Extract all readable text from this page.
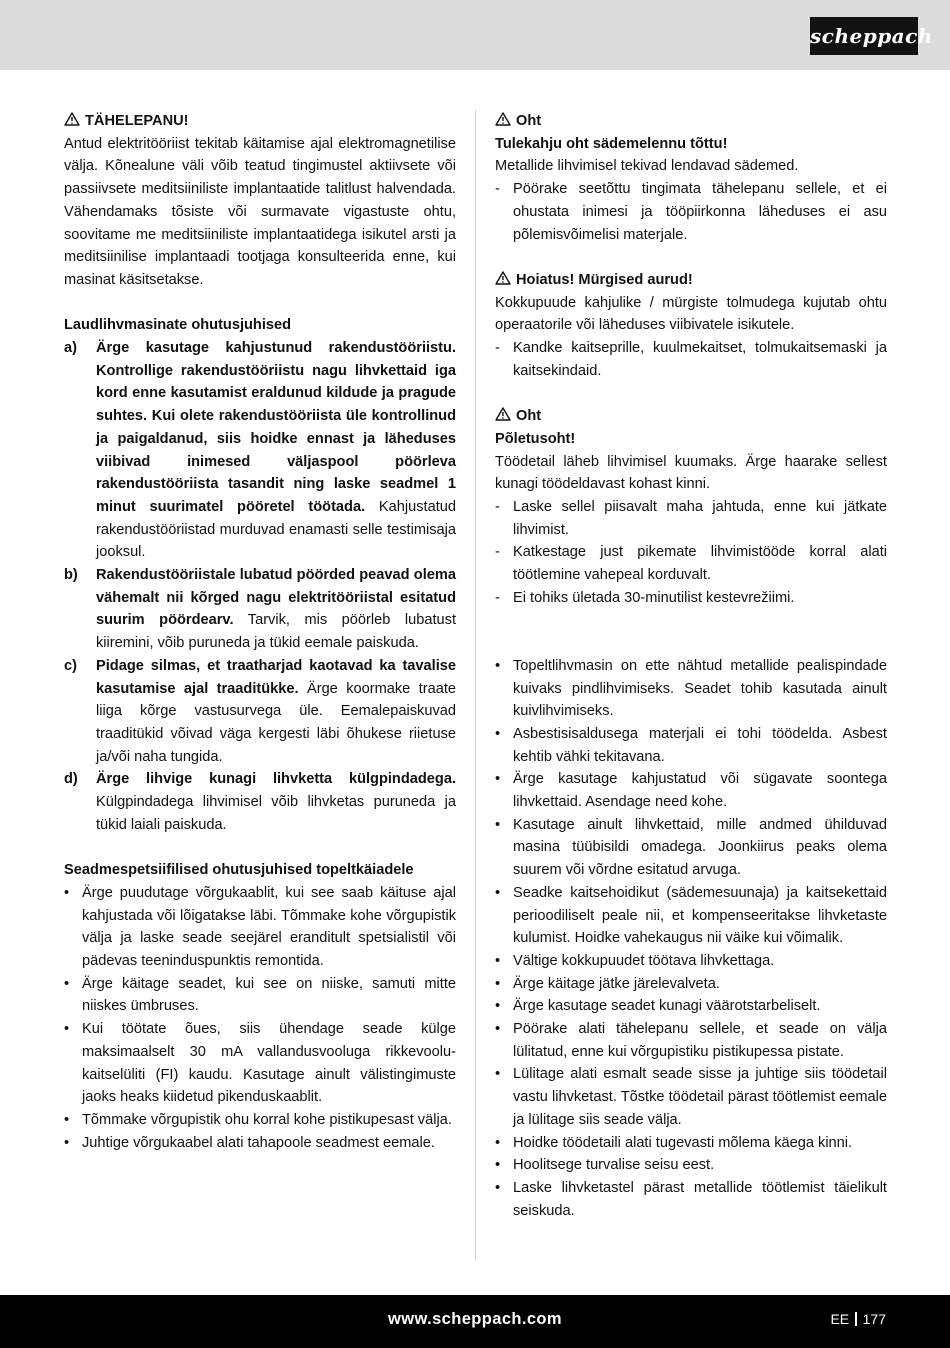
scheppach

TÄHELEPANU!

Antud elektritööriist tekitab käitamise ajal elektromagnetilise välja. Kõnealune väli võib teatud tingimustel aktiivsete või passiivsete meditsiiniliste implantaatide talitlust halvendada. Vähendamaks tõsiste või surmavate vigastuste ohtu, soovitame me meditsiiniliste implantaatidega isikutel arsti ja meditsiinilise implantaadi tootjaga konsulteerida enne, kui masinat käsitsetakse.

Laudlihvmasinate ohutusjuhised

a) Ärge kasutage kahjustunud rakendustööriistu. Kontrollige rakendustööriistu nagu lihvkettaid iga kord enne kasutamist eraldunud kildude ja pragude suhtes. Kui olete rakendustööriista üle kontrollinud ja paigaldanud, siis hoidke ennast ja läheduses viibivad inimesed väljaspool pöörleva rakendustööriista tasandit ning laske seadmel 1 minut suurimatel pööretel töötada. Kahjustatud rakendustööriistad murduvad enamasti selle testimisaja jooksul.
b) Rakendustööriistale lubatud pöörded peavad olema vähemalt nii kõrged nagu elektritööriistal esitatud suurim pöördearv. Tarvik, mis pöörleb lubatust kiiremini, võib puruneda ja tükid eemale paiskuda.
c) Pidage silmas, et traatharjad kaotavad ka tavalise kasutamise ajal traaditükke. Ärge koormake traate liiga kõrge vastusurvega üle. Eemalepaiskuvad traaditükid võivad väga kergesti läbi õhukese riietuse ja/või naha tungida.
d) Ärge lihvige kunagi lihvketta külgpindadega. Külgpindadega lihvimisel võib lihvketas puruneda ja tükid laiali paiskuda.

Seadmespetsiifilised ohutusjuhised topeltkäiadele

• Ärge puudutage võrgukaablit, kui see saab käituse ajal kahjustada või lõigatakse läbi. Tõmmake kohe võrgupistik välja ja laske seade seejärel eranditult spetsialistil või pädevas teeninduspunktis remontida.
• Ärge käitage seadet, kui see on niiske, samuti mitte niiskes ümbruses.
• Kui töötate õues, siis ühendage seade külge maksimaalselt 30 mA vallandusvooluga rikkevoolu-kaitselüliti (FI) kaudu. Kasutage ainult välistingimuste jaoks heaks kiidetud pikenduskaablit.
• Tõmmake võrgupistik ohu korral kohe pistikupesast välja.
• Juhtige võrgukaabel alati tahapoole seadmest eemale.

Oht

Tulekahju oht sädemelennu tõttu!

Metallide lihvimisel tekivad lendavad sädemed.

- Pöörake seetõttu tingimata tähelepanu sellele, et ei ohustata inimesi ja tööpiirkonna läheduses ei asu põlemisvõimelisi materjale.

Hoiatus! Mürgised aurud!

Kokkupuude kahjulike / mürgiste tolmudega kujutab ohtu operaatorile või läheduses viibivatele isikutele.

- Kandke kaitseprille, kuulmekaitset, tolmukaitsemaski ja kaitsekindaid.

Oht

Põletusoht!

Töödetail läheb lihvimisel kuumaks. Ärge haarake sellest kunagi töödeldavast kohast kinni.

- Laske sellel piisavalt maha jahtuda, enne kui jätkate lihvimist.
- Katkestage just pikemate lihvimistööde korral alati töötlemine vahepeal korduvalt.
- Ei tohiks ületada 30-minutilist kestevrežiimi.
• Topeltlihvmasin on ette nähtud metallide pealispindade kuivaks pindlihvimiseks. Seadet tohib kasutada ainult kuivlihvimiseks.
• Asbestisisaldusega materjali ei tohi töödelda. Asbest kehtib vähki tekitavana.
• Ärge kasutage kahjustatud või sügavate soontega lihvkettaid. Asendage need kohe.
• Kasutage ainult lihvkettaid, mille andmed ühilduvad masina tüübisildi omadega. Joonkiirus peaks olema suurem või võrdne esitatud arvuga.
• Seadke kaitsehoidikut (sädemesuunaja) ja kaitsekettaid perioodiliselt peale nii, et kompenseeritakse lihvketaste kulumist. Hoidke vahekaugus nii väike kui võimalik.
• Vältige kokkupuudet töötava lihvkettaga.
• Ärge käitage jätke järelevalveta.
• Ärge kasutage seadet kunagi väärotstarbeliselt.
• Pöörake alati tähelepanu sellele, et seade on välja lülitatud, enne kui võrgupistiku pistikupessa pistate.
• Lülitage alati esmalt seade sisse ja juhtige siis töödetail vastu lihvketast. Tõstke töödetail pärast töötlemist eemale ja lülitage siis seade välja.
• Hoidke töödetaili alati tugevasti mõlema käega kinni.
• Hoolitsege turvalise seisu eest.
• Laske lihvketastel pärast metallide töötlemist täielikult seiskuda.
www.scheppach.com	EE 177
